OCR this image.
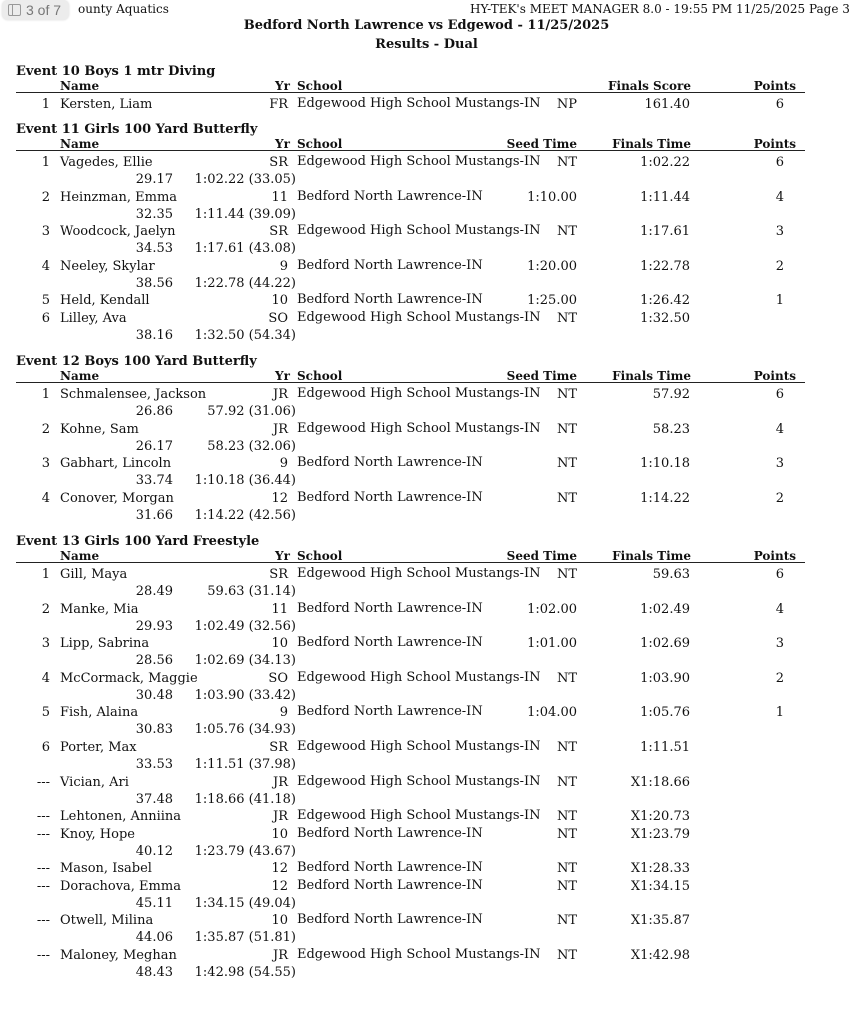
3 of 7 ounty Aquatics	HY-TEK's MEET MANAGER 8.0 - 19:55 PM 11/25/2025 Page 3
Bedford North Lawrence vs Edgewod - 11/25/2025
Results - Dual
Event 10 Boys 1 mtr Diving
Name	Yr School	Finals Score	Points
1 Kersten, Liam	FR Edgewood High School Mustangs-IN NP	161.40	6
Event 11 Girls 100 Yard Butterfly
Name	Yr School	Seed Time	Finals Time	Points
1 Vagedes, Ellie	SR Edgewood High School Mustangs-IN NT	1:02.22	6
29.17 1:02.22 (33.05)
2 Heinzman, Emma	11 Bedford North Lawrence-IN	1:10.00	1:11.44	4
32.35 1:11.44 (39.09)
3 Woodcock, Jaelyn	SR Edgewood High School Mustangs-IN NT	1:17.61	3
34.53 1:17.61 (43.08)
4 Neeley, Skylar	9 Bedford North Lawrence-IN	1:20.00	1:22.78	2
38.56 1:22.78 (44.22)
5 Held, Kendall	10 Bedford North Lawrence-IN	1:25.00	1:26.42	1
6 Lilley, Ava	SO Edgewood High School Mustangs-IN NT	1:32.50
38.16 1:32.50 (54.34)
Event 12 Boys 100 Yard Butterfly
Name	Yr School	Seed Time	Finals Time	Points
1 Schmalensee, Jackson	JR Edgewood High School Mustangs-IN NT	57.92	6
26.86	57.92 (31.06)
2 Kohne, Sam	JR Edgewood High School Mustangs-IN NT	58.23	4
26.17	58.23 (32.06)
3 Gabhart, Lincoln	9 Bedford North Lawrence-IN	NT	1:10.18	3
33.74 1:10.18 (36.44)
4 Conover, Morgan	12 Bedford North Lawrence-IN	NT	1:14.22	2
31.66 1:14.22 (42.56)
Event 13 Girls 100 Yard Freestyle
Name	Yr School	Seed Time	Finals Time	Points
1 Gill, Maya	SR Edgewood High School Mustangs-IN NT	59.63	6
28.49	59.63 (31.14)
2 Manke, Mia	11 Bedford North Lawrence-IN	1:02.00	1:02.49	4
29.93 1:02.49 (32.56)
3 Lipp, Sabrina	10 Bedford North Lawrence-IN	1:01.00	1:02.69	3
28.56 1:02.69 (34.13)
4 McCormack, Maggie	SO Edgewood High School Mustangs-IN NT	1:03.90	2
30.48 1:03.90 (33.42)
5 Fish, Alaina	9 Bedford North Lawrence-IN	1:04.00	1:05.76	1
30.83 1:05.76 (34.93)
6 Porter, Max	SR Edgewood High School Mustangs-IN NT	1:11.51
33.53 1:11.51 (37.98)
--- Vician, Ari	JR Edgewood High School Mustangs-IN NT	X1:18.66
37.48 1:18.66 (41.18)
--- Lehtonen, Anniina	JR Edgewood High School Mustangs-IN NT	X1:20.73
--- Knoy, Hope	10 Bedford North Lawrence-IN	NT	X1:23.79
40.12 1:23.79 (43.67)
--- Mason, Isabel	12 Bedford North Lawrence-IN	NT	X1:28.33
--- Dorachova, Emma	12 Bedford North Lawrence-IN	NT	X1:34.15
45.11 1:34.15 (49.04)
--- Otwell, Milina	10 Bedford North Lawrence-IN	NT	X1:35.87
44.06 1:35.87 (51.81)
--- Maloney, Meghan	JR Edgewood High School Mustangs-IN NT	X1:42.98
48.43 1:42.98 (54.55)
